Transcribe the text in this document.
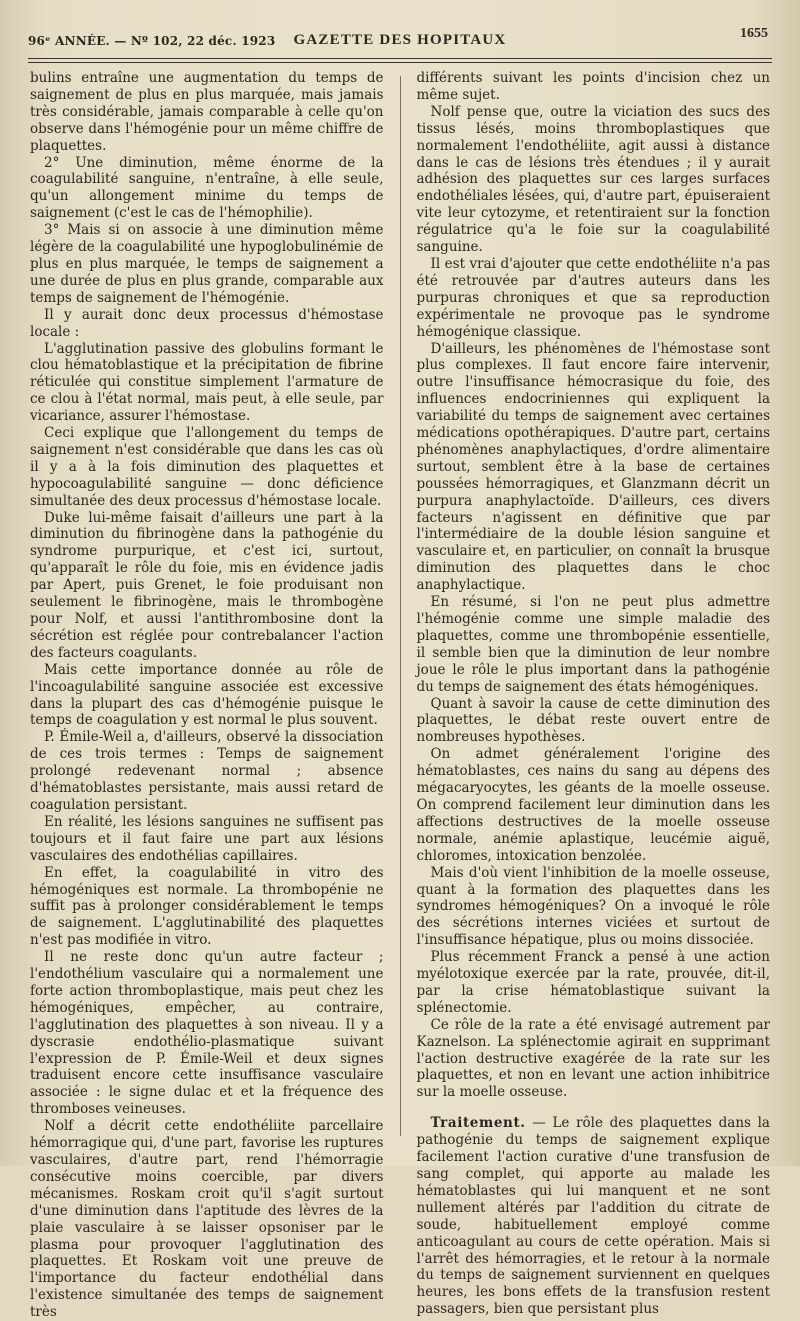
96ᵉ ANNÉE. — Nº 102, 22 déc. 1923	GAZETTE DES HOPITAUX	1655

bulins entraîne une augmentation du temps de saignement de plus en plus marquée, mais jamais très considérable, jamais comparable à celle qu'on observe dans l'hémogénie pour un même chiffre de plaquettes.

2° Une diminution, même énorme de la coagulabilité sanguine, n'entraîne, à elle seule, qu'un allongement minime du temps de saignement (c'est le cas de l'hémophilie).

3° Mais si on associe à une diminution même légère de la coagulabilité une hypoglobulinémie de plus en plus marquée, le temps de saignement a une durée de plus en plus grande, comparable aux temps de saignement de l'hémogénie.

Il y aurait donc deux processus d'hémostase locale :

L'agglutination passive des globulins formant le clou hématoblastique et la précipitation de fibrine réticulée qui constitue simplement l'armature de ce clou à l'état normal, mais peut, à elle seule, par vicariance, assurer l'hémostase.

Ceci explique que l'allongement du temps de saignement n'est considérable que dans les cas où il y a à la fois diminution des plaquettes et hypocoagulabilité sanguine — donc déficience simultanée des deux processus d'hémostase locale.

Duke lui-même faisait d'ailleurs une part à la diminution du fibrinogène dans la pathogénie du syndrome purpurique, et c'est ici, surtout, qu'apparaît le rôle du foie, mis en évidence jadis par Apert, puis Grenet, le foie produisant non seulement le fibrinogène, mais le thrombogène pour Nolf, et aussi l'antithrombosine dont la sécrétion est réglée pour contrebalancer l'action des facteurs coagulants.

Mais cette importance donnée au rôle de l'incoagulabilité sanguine associée est excessive dans la plupart des cas d'hémogénie puisque le temps de coagulation y est normal le plus souvent.

P. Émile-Weil a, d'ailleurs, observé la dissociation de ces trois termes : Temps de saignement prolongé redevenant normal ; absence d'hématoblastes persistante, mais aussi retard de coagulation persistant.

En réalité, les lésions sanguines ne suffisent pas toujours et il faut faire une part aux lésions vasculaires des endothélias capillaires.

En effet, la coagulabilité in vitro des hémogéniques est normale. La thrombopénie ne suffit pas à prolonger considérablement le temps de saignement. L'agglutinabilité des plaquettes n'est pas modifiée in vitro.

Il ne reste donc qu'un autre facteur ; l'endothélium vasculaire qui a normalement une forte action thromboplastique, mais peut chez les hémogéniques, empêcher, au contraire, l'agglutination des plaquettes à son niveau. Il y a dyscrasie endothélio-plasmatique suivant l'expression de P. Émile-Weil et deux signes traduisent encore cette insuffisance vasculaire associée : le signe dulac et et la fréquence des thromboses veineuses.

Nolf a décrit cette endothéliite parcellaire hémorragique qui, d'une part, favorise les ruptures vasculaires, d'autre part, rend l'hémorragie consécutive moins coercible, par divers mécanismes. Roskam croit qu'il s'agit surtout d'une diminution dans l'aptitude des lèvres de la plaie vasculaire à se laisser opsoniser par le plasma pour provoquer l'agglutination des plaquettes. Et Roskam voit une preuve de l'importance du facteur endothélial dans l'existence simultanée des temps de saignement très

différents suivant les points d'incision chez un même sujet.

Nolf pense que, outre la viciation des sucs des tissus lésés, moins thromboplastiques que normalement l'endothéliite, agit aussi à distance dans le cas de lésions très étendues ; il y aurait adhésion des plaquettes sur ces larges surfaces endothéliales lésées, qui, d'autre part, épuiseraient vite leur cytozyme, et retentiraient sur la fonction régulatrice qu'a le foie sur la coagulabilité sanguine.

Il est vrai d'ajouter que cette endothéliite n'a pas été retrouvée par d'autres auteurs dans les purpuras chroniques et que sa reproduction expérimentale ne provoque pas le syndrome hémogénique classique.

D'ailleurs, les phénomènes de l'hémostase sont plus complexes. Il faut encore faire intervenir, outre l'insuffisance hémocrasique du foie, des influences endocriniennes qui expliquent la variabilité du temps de saignement avec certaines médications opothérapiques. D'autre part, certains phénomènes anaphylactiques, d'ordre alimentaire surtout, semblent être à la base de certaines poussées hémorragiques, et Glanzmann décrit un purpura anaphylactoïde. D'ailleurs, ces divers facteurs n'agissent en définitive que par l'intermédiaire de la double lésion sanguine et vasculaire et, en particulier, on connaît la brusque diminution des plaquettes dans le choc anaphylactique.

En résumé, si l'on ne peut plus admettre l'hémogénie comme une simple maladie des plaquettes, comme une thrombopénie essentielle, il semble bien que la diminution de leur nombre joue le rôle le plus important dans la pathogénie du temps de saignement des états hémogéniques.

Quant à savoir la cause de cette diminution des plaquettes, le débat reste ouvert entre de nombreuses hypothèses.

On admet généralement l'origine des hématoblastes, ces nains du sang au dépens des mégacaryocytes, les géants de la moelle osseuse. On comprend facilement leur diminution dans les affections destructives de la moelle osseuse normale, anémie aplastique, leucémie aiguë, chloromes, intoxication benzolée.

Mais d'où vient l'inhibition de la moelle osseuse, quant à la formation des plaquettes dans les syndromes hémogéniques? On a invoqué le rôle des sécrétions internes viciées et surtout de l'insuffisance hépatique, plus ou moins dissociée.

Plus récemment Franck a pensé à une action myélotoxique exercée par la rate, prouvée, dit-il, par la crise hématoblastique suivant la splénectomie.

Ce rôle de la rate a été envisagé autrement par Kaznelson. La splénectomie agirait en supprimant l'action destructive exagérée de la rate sur les plaquettes, et non en levant une action inhibitrice sur la moelle osseuse.

Traitement. — Le rôle des plaquettes dans la pathogénie du temps de saignement explique facilement l'action curative d'une transfusion de sang complet, qui apporte au malade les hématoblastes qui lui manquent et ne sont nullement altérés par l'addition du citrate de soude, habituellement employé comme anticoagulant au cours de cette opération. Mais si l'arrêt des hémorragies, et le retour à la normale du temps de saignement surviennent en quelques heures, les bons effets de la transfusion restent passagers, bien que persistant plus
